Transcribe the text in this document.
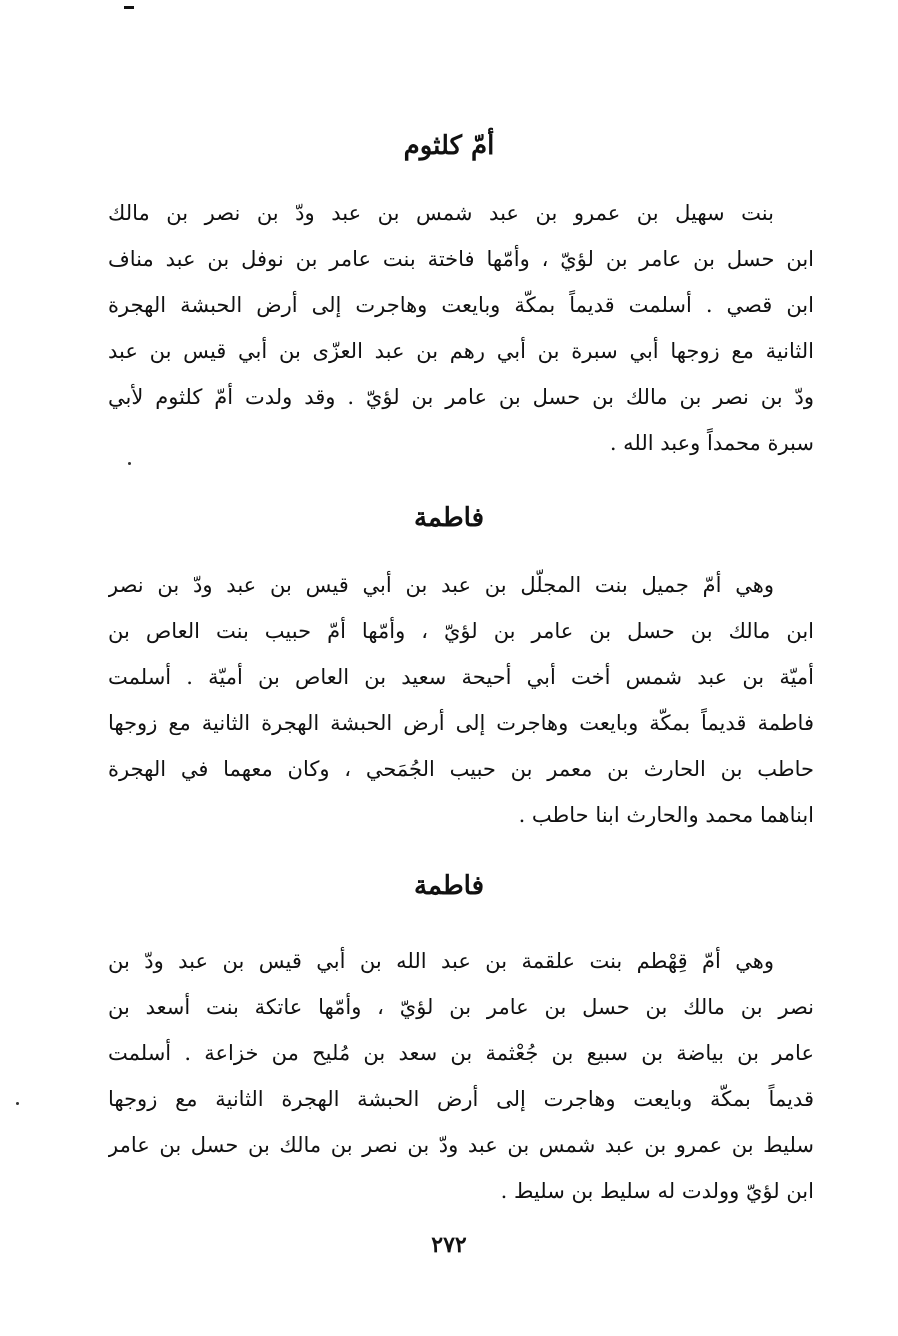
أمّ كلثوم
بنت سهيل بن عمرو بن عبد شمس بن عبد ودّ بن نصر بن مالك
ابن حسل بن عامر بن لؤيّ ، وأمّها فاختة بنت عامر بن نوفل بن عبد مناف
ابن قصي . أسلمت قديماً بمكّة وبايعت وهاجرت إلى أرض الحبشة الهجرة
الثانية مع زوجها أبي سبرة بن أبي رهم بن عبد العزّى بن أبي قيس بن عبد
ودّ بن نصر بن مالك بن حسل بن عامر بن لؤيّ . وقد ولدت أمّ كلثوم لأبي
سبرة محمداً وعبد الله .
فاطمة
وهي أمّ جميل بنت المجلّل بن عبد بن أبي قيس بن عبد ودّ بن نصر
ابن مالك بن حسل بن عامر بن لؤيّ ، وأمّها أمّ حبيب بنت العاص بن
أميّة بن عبد شمس أخت أبي أحيحة سعيد بن العاص بن أميّة . أسلمت
فاطمة قديماً بمكّة وبايعت وهاجرت إلى أرض الحبشة الهجرة الثانية مع زوجها
حاطب بن الحارث بن معمر بن حبيب الجُمَحي ، وكان معهما في الهجرة
ابناهما محمد والحارث ابنا حاطب .
فاطمة
وهي أمّ قِهْطم بنت علقمة بن عبد الله بن أبي قيس بن عبد ودّ بن
نصر بن مالك بن حسل بن عامر بن لؤيّ ، وأمّها عاتكة بنت أسعد بن
عامر بن بياضة بن سبيع بن جُعْثمة بن سعد بن مُليح من خزاعة . أسلمت
قديماً بمكّة وبايعت وهاجرت إلى أرض الحبشة الهجرة الثانية مع زوجها
سليط بن عمرو بن عبد شمس بن عبد ودّ بن نصر بن مالك بن حسل بن عامر
ابن لؤيّ وولدت له سليط بن سليط .
٢٧٢
